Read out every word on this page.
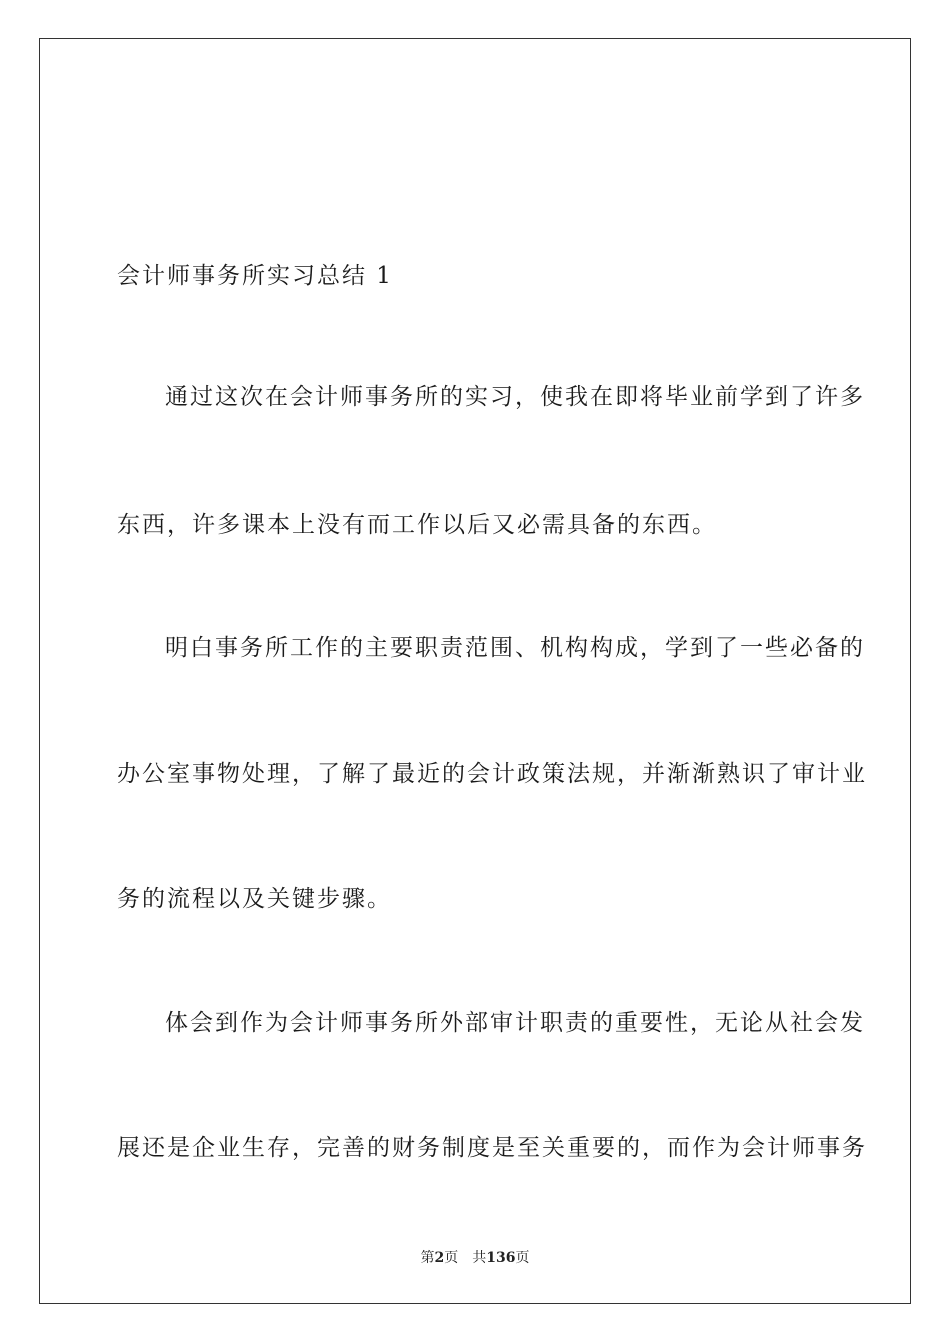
会计师事务所实习总结 1
通过这次在会计师事务所的实习，使我在即将毕业前学到了许多
东西，许多课本上没有而工作以后又必需具备的东西。
明白事务所工作的主要职责范围、机构构成，学到了一些必备的
办公室事物处理，了解了最近的会计政策法规，并渐渐熟识了审计业
务的流程以及关键步骤。
体会到作为会计师事务所外部审计职责的重要性，无论从社会发
展还是企业生存，完善的财务制度是至关重要的，而作为会计师事务
第2页 共136页
